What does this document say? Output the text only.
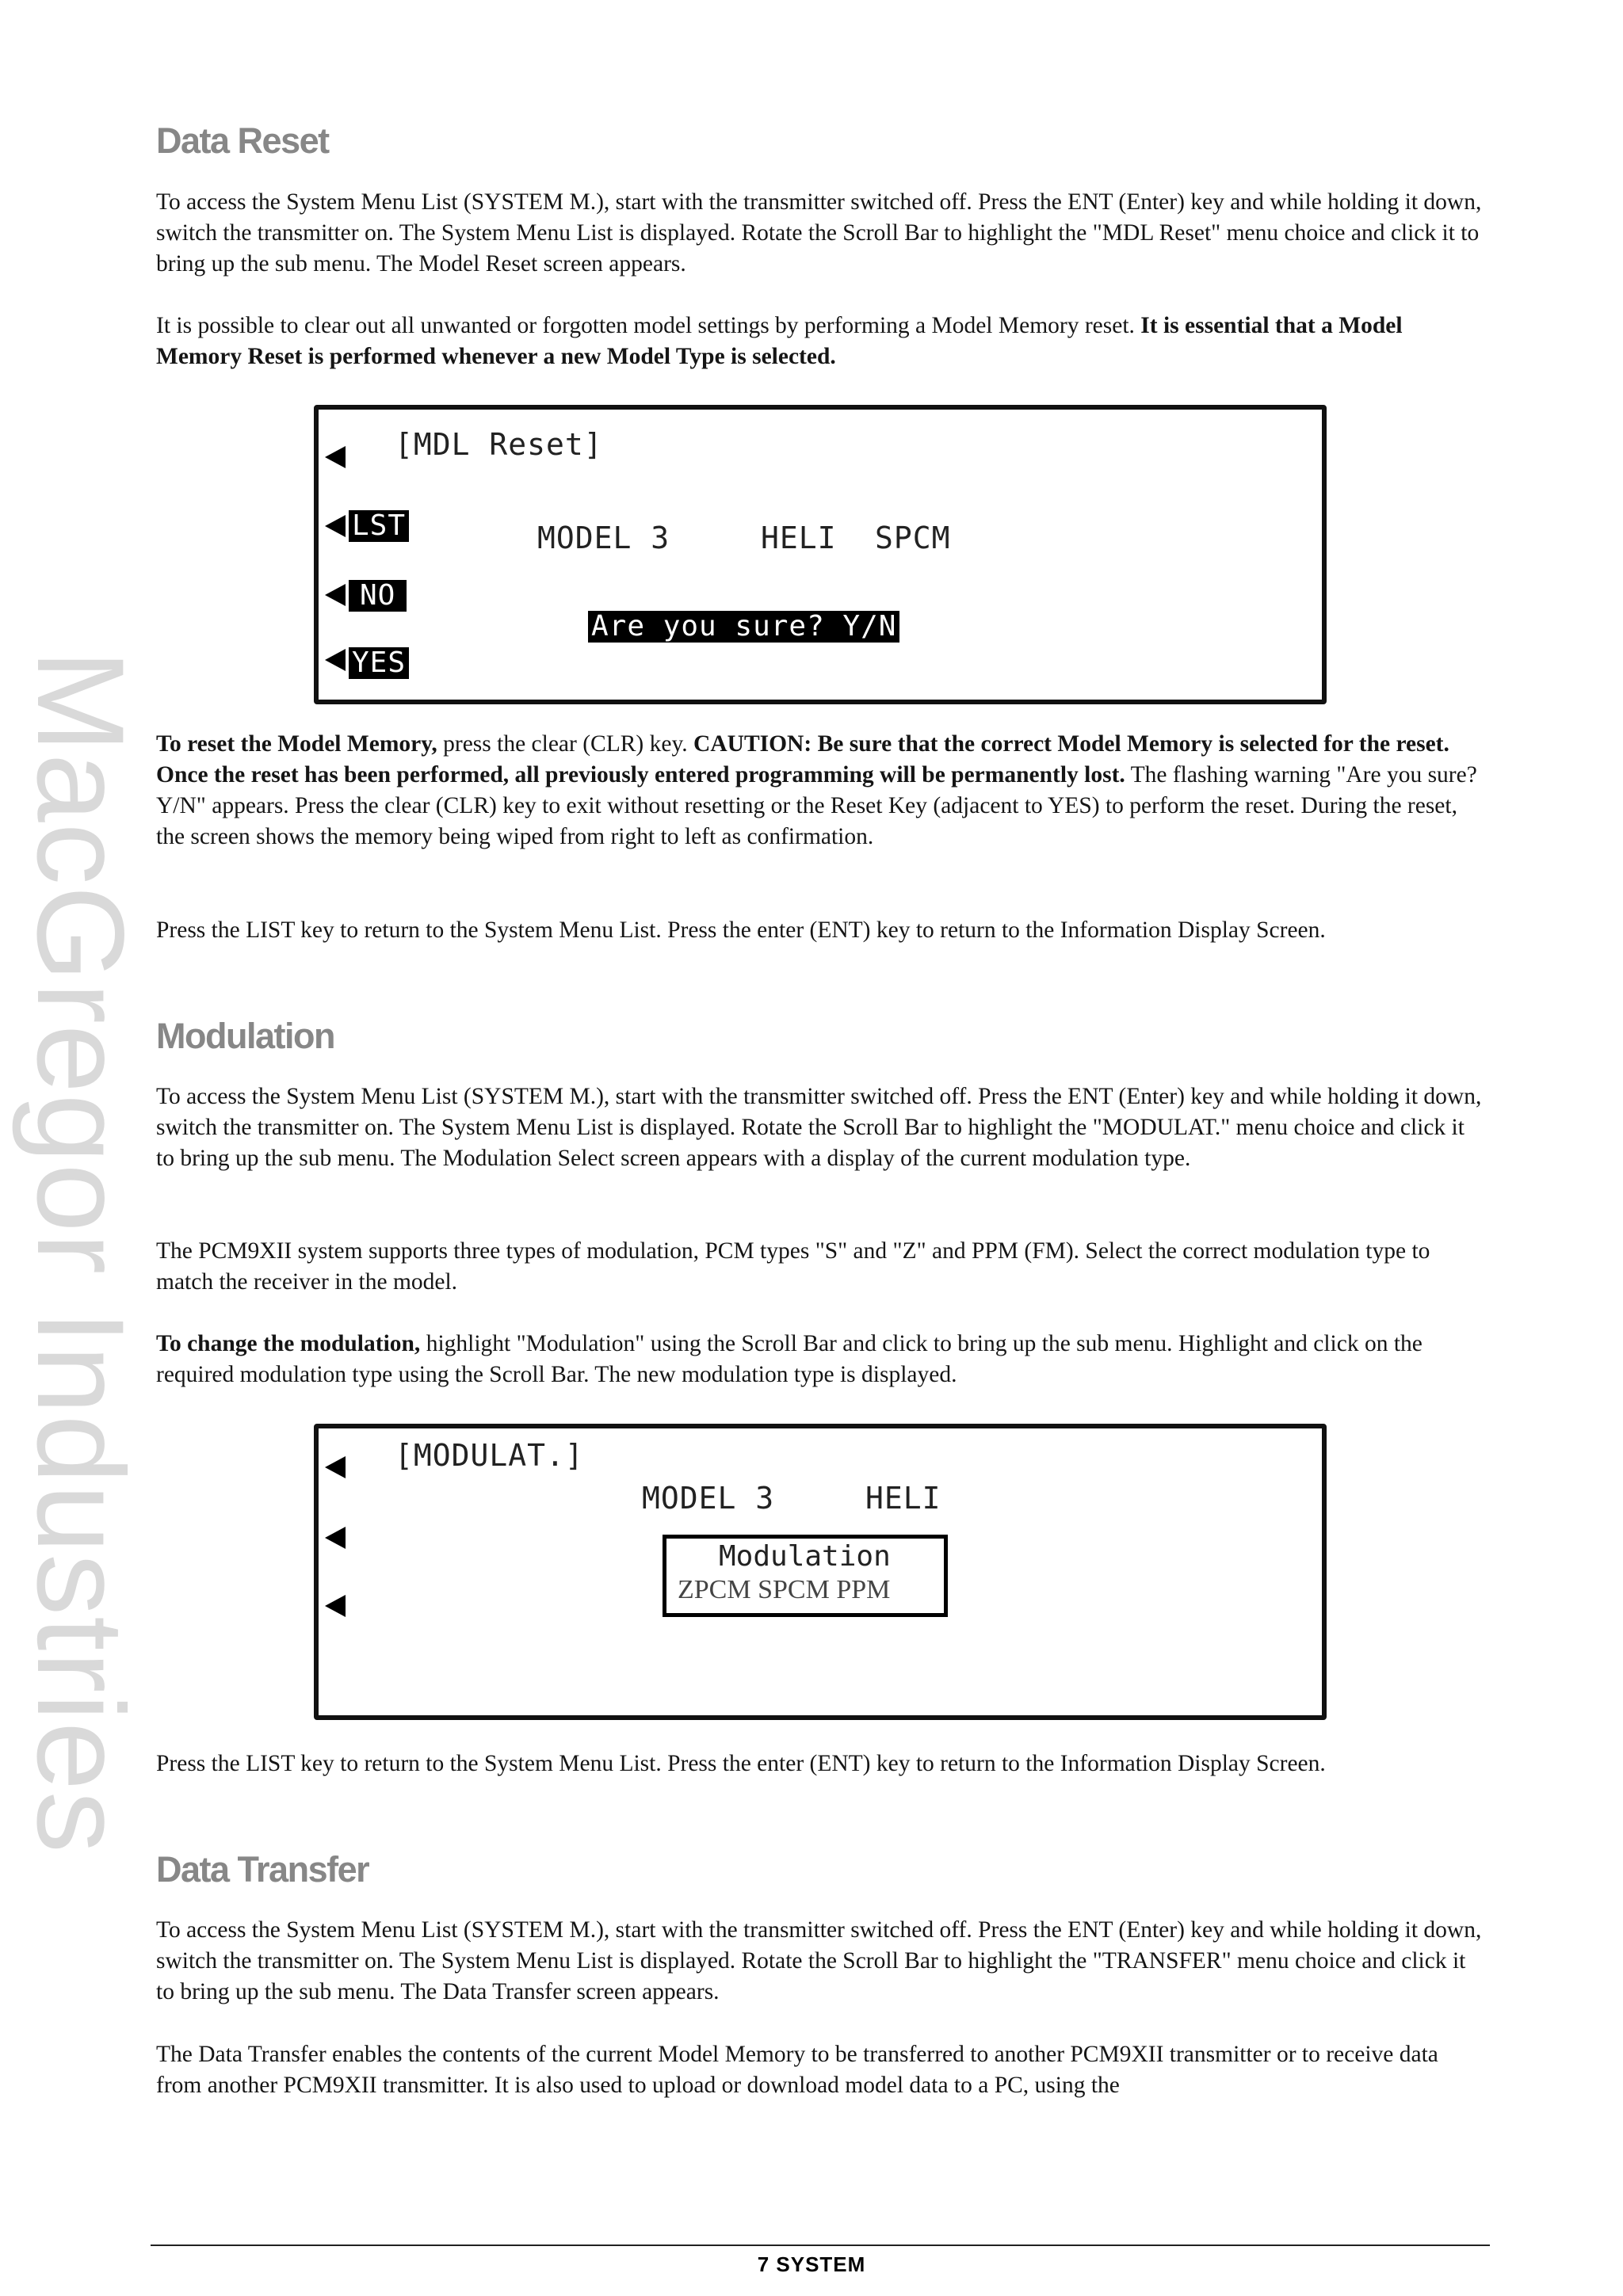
MacGregor Industries
Data Reset

To access the System Menu List (SYSTEM M.), start with the transmitter switched off. Press the ENT (Enter) key and while holding it down, switch the transmitter on. The System Menu List is displayed. Rotate the Scroll Bar to highlight the "MDL Reset" menu choice and click it to bring up the sub menu. The Model Reset screen appears.

It is possible to clear out all unwanted or forgotten model settings by performing a Model Memory reset. It is essential that a Model Memory Reset is performed whenever a new Model Type is selected.

[MDL Reset]
LST	MODEL 3	HELI SPCM
NO
Are you sure? Y/N
YES

To reset the Model Memory, press the clear (CLR) key. CAUTION: Be sure that the correct Model Memory is selected for the reset. Once the reset has been performed, all previously entered programming will be permanently lost. The flashing warning "Are you sure? Y/N" appears. Press the clear (CLR) key to exit without resetting or the Reset Key (adjacent to YES) to perform the reset. During the reset, the screen shows the memory being wiped from right to left as confirmation.

Press the LIST key to return to the System Menu List. Press the enter (ENT) key to return to the Information Display Screen.

Modulation

To access the System Menu List (SYSTEM M.), start with the transmitter switched off. Press the ENT (Enter) key and while holding it down, switch the transmitter on. The System Menu List is displayed. Rotate the Scroll Bar to highlight the "MODULAT." menu choice and click it to bring up the sub menu. The Modulation Select screen appears with a display of the current modulation type.

The PCM9XII system supports three types of modulation, PCM types "S" and "Z" and PPM (FM). Select the correct modulation type to match the receiver in the model.

To change the modulation, highlight "Modulation" using the Scroll Bar and click to bring up the sub menu. Highlight and click on the required modulation type using the Scroll Bar. The new modulation type is displayed.

[MODULAT.]
MODEL 3	HELI
Modulation
ZPCM SPCM PPM

Press the LIST key to return to the System Menu List. Press the enter (ENT) key to return to the Information Display Screen.

Data Transfer

To access the System Menu List (SYSTEM M.), start with the transmitter switched off. Press the ENT (Enter) key and while holding it down, switch the transmitter on. The System Menu List is displayed. Rotate the Scroll Bar to highlight the "TRANSFER" menu choice and click it to bring up the sub menu. The Data Transfer screen appears.

The Data Transfer enables the contents of the current Model Memory to be transferred to another PCM9XII transmitter or to receive data from another PCM9XII transmitter. It is also used to upload or download model data to a PC, using the

7 SYSTEM
